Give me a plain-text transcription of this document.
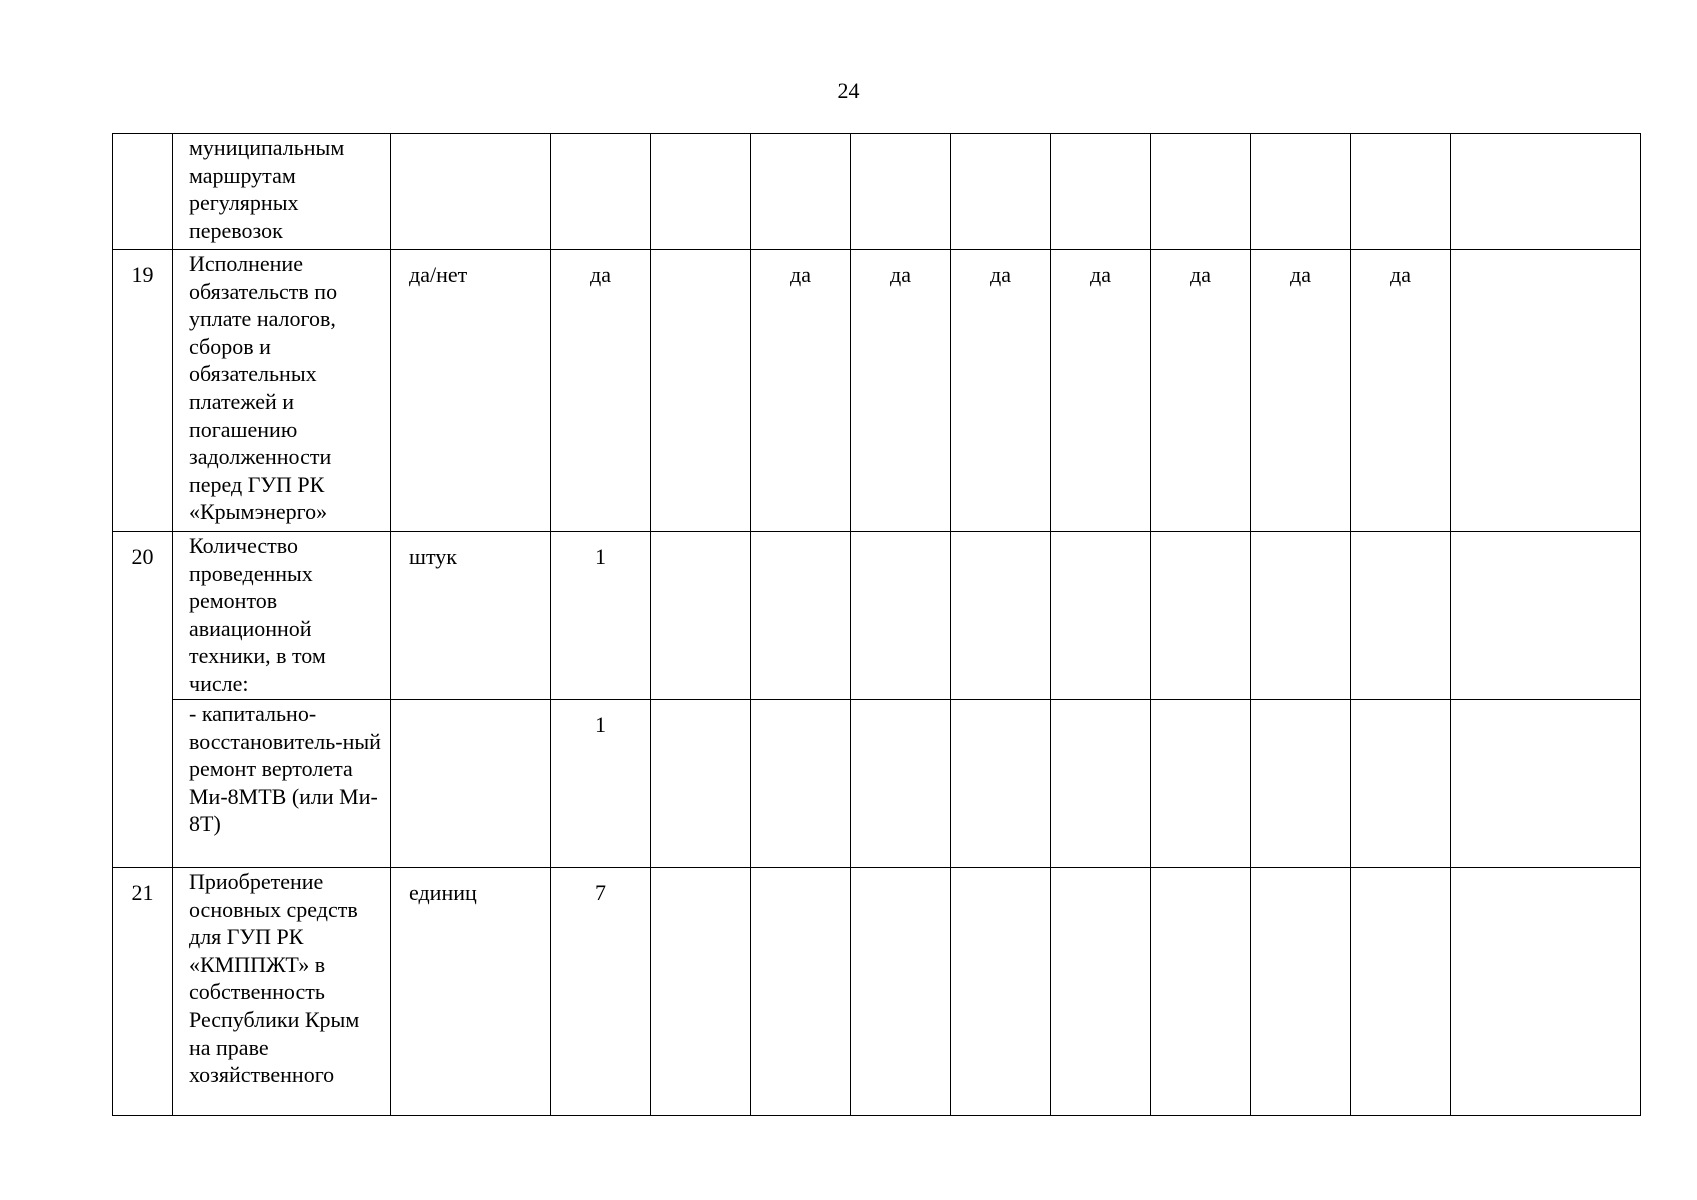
24

	муниципальным маршрутам регулярных перевозок											

19	Исполнение обязательств по уплате налогов, сборов и обязательных платежей и погашению задолженности перед ГУП РК «Крымэнерго»	да/нет	да		да	да	да	да	да	да	да	

20	Количество проведенных ремонтов авиационной техники, в том числе:	штук	1									

	- капитально-восстановитель-ный ремонт вертолета Ми-8МТВ (или Ми- 8Т)		1									

21	Приобретение основных средств для ГУП РК «КМППЖТ» в собственность Республики Крым на праве хозяйственного	единиц	7									
